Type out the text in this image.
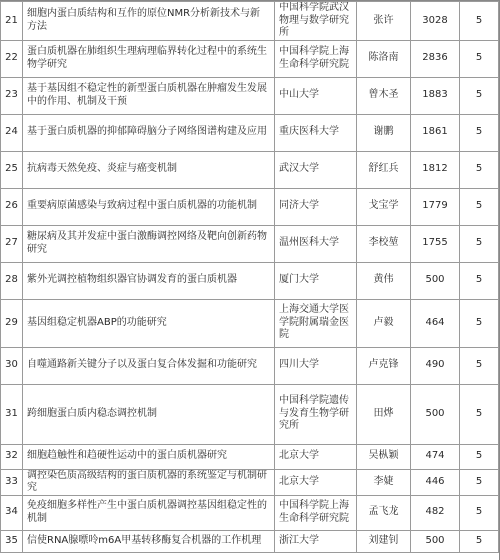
21	细胞内蛋白质结构和互作的原位NMR分析新技术与新方法	中国科学院武汉物理与数学研究所	张许	3028	5
22	蛋白质机器在肺组织生理病理临界转化过程中的系统生物学研究	中国科学院上海生命科学研究院	陈洛南	2836	5
23	基于基因组不稳定性的新型蛋白质机器在肿瘤发生发展中的作用、机制及干预	中山大学	曾木圣	1883	5
24	基于蛋白质机器的抑郁障碍脑分子网络图谱构建及应用	重庆医科大学	谢鹏	1861	5
25	抗病毒天然免疫、炎症与癌变机制	武汉大学	舒红兵	1812	5
26	重要病原菌感染与致病过程中蛋白质机器的功能机制	同济大学	戈宝学	1779	5
27	糖尿病及其并发症中蛋白激酶调控网络及靶向创新药物研究	温州医科大学	李校堃	1755	5
28	紫外光调控植物组织器官协调发育的蛋白质机器	厦门大学	黄伟	500	5
29	基因组稳定机器ABP的功能研究	上海交通大学医学院附属瑞金医院	卢毅	464	5
30	自噬通路新关键分子以及蛋白复合体发掘和功能研究	四川大学	卢克锋	490	5
31	跨细胞蛋白质内稳态调控机制	中国科学院遗传与发育生物学研究所	田烨	500	5
32	细胞趋触性和趋硬性运动中的蛋白质机器研究	北京大学	吴枞颖	474	5
33	调控染色质高级结构的蛋白质机器的系统鉴定与机制研究	北京大学	李婕	446	5
34	免疫细胞多样性产生中蛋白质机器调控基因组稳定性的机制	中国科学院上海生命科学研究院	孟飞龙	482	5
35	信使RNA腺嘌呤m6A甲基转移酶复合机器的工作机理	浙江大学	刘建钊	500	5
